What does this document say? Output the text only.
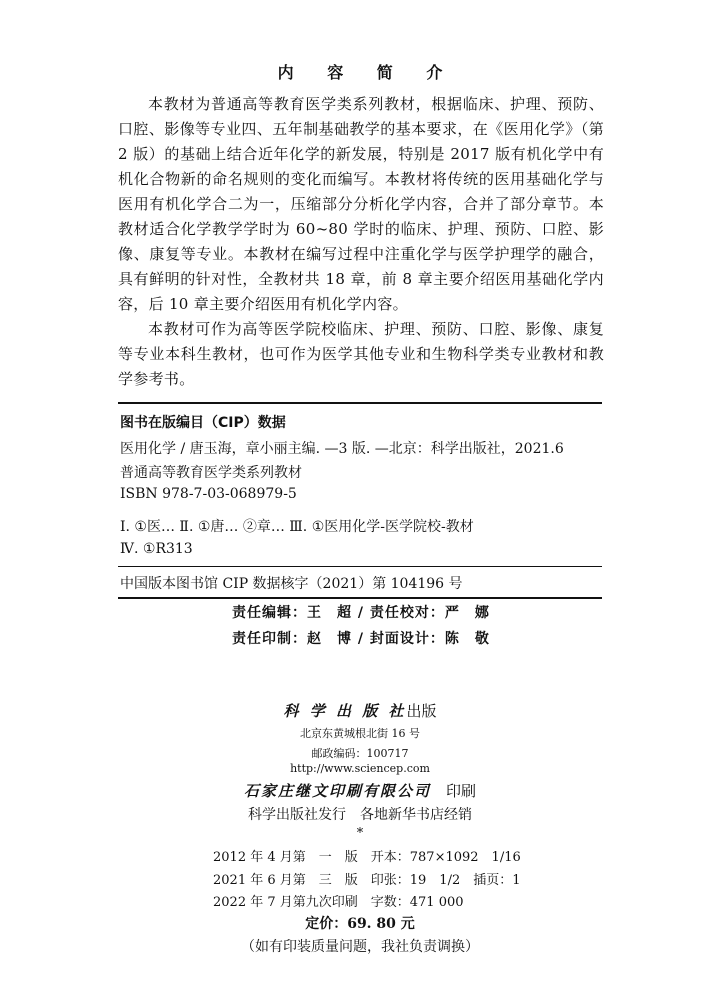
内 容 简 介

本教材为普通高等教育医学类系列教材，根据临床、护理、预防、口腔、影像等专业四、五年制基础教学的基本要求，在《医用化学》（第 2 版）的基础上结合近年化学的新发展，特别是 2017 版有机化学中有机化合物新的命名规则的变化而编写。本教材将传统的医用基础化学与医用有机化学合二为一，压缩部分分析化学内容，合并了部分章节。本教材适合化学教学学时为 60~80 学时的临床、护理、预防、口腔、影像、康复等专业。本教材在编写过程中注重化学与医学护理学的融合，具有鲜明的针对性，全教材共 18 章，前 8 章主要介绍医用基础化学内容，后 10 章主要介绍医用有机化学内容。

本教材可作为高等医学院校临床、护理、预防、口腔、影像、康复等专业本科生教材，也可作为医学其他专业和生物科学类专业教材和教学参考书。

图书在版编目（CIP）数据
医用化学 / 唐玉海，章小丽主编. —3 版. —北京：科学出版社，2021.6
普通高等教育医学类系列教材
ISBN 978-7-03-068979-5
Ⅰ. ①医… Ⅱ. ①唐… ②章… Ⅲ. ①医用化学-医学院校-教材
Ⅳ. ①R313
中国版本图书馆 CIP 数据核字（2021）第 104196 号
责任编辑：王　超 / 责任校对：严　娜
责任印制：赵　博 / 封面设计：陈　敬
科 学 出 版 社出版
北京东黄城根北街 16 号
邮政编码：100717
http://www.sciencep.com
石家庄继文印刷有限公司　 印刷
科学出版社发行　各地新华书店经销
*
2012 年 4 月第　一　版　开本：787×1092　1/16
2021 年 6 月第　三　版　印张：19　1/2　插页：1
2022 年 7 月第九次印刷　字数：471 000
定价：69. 80 元
（如有印装质量问题，我社负责调换）
